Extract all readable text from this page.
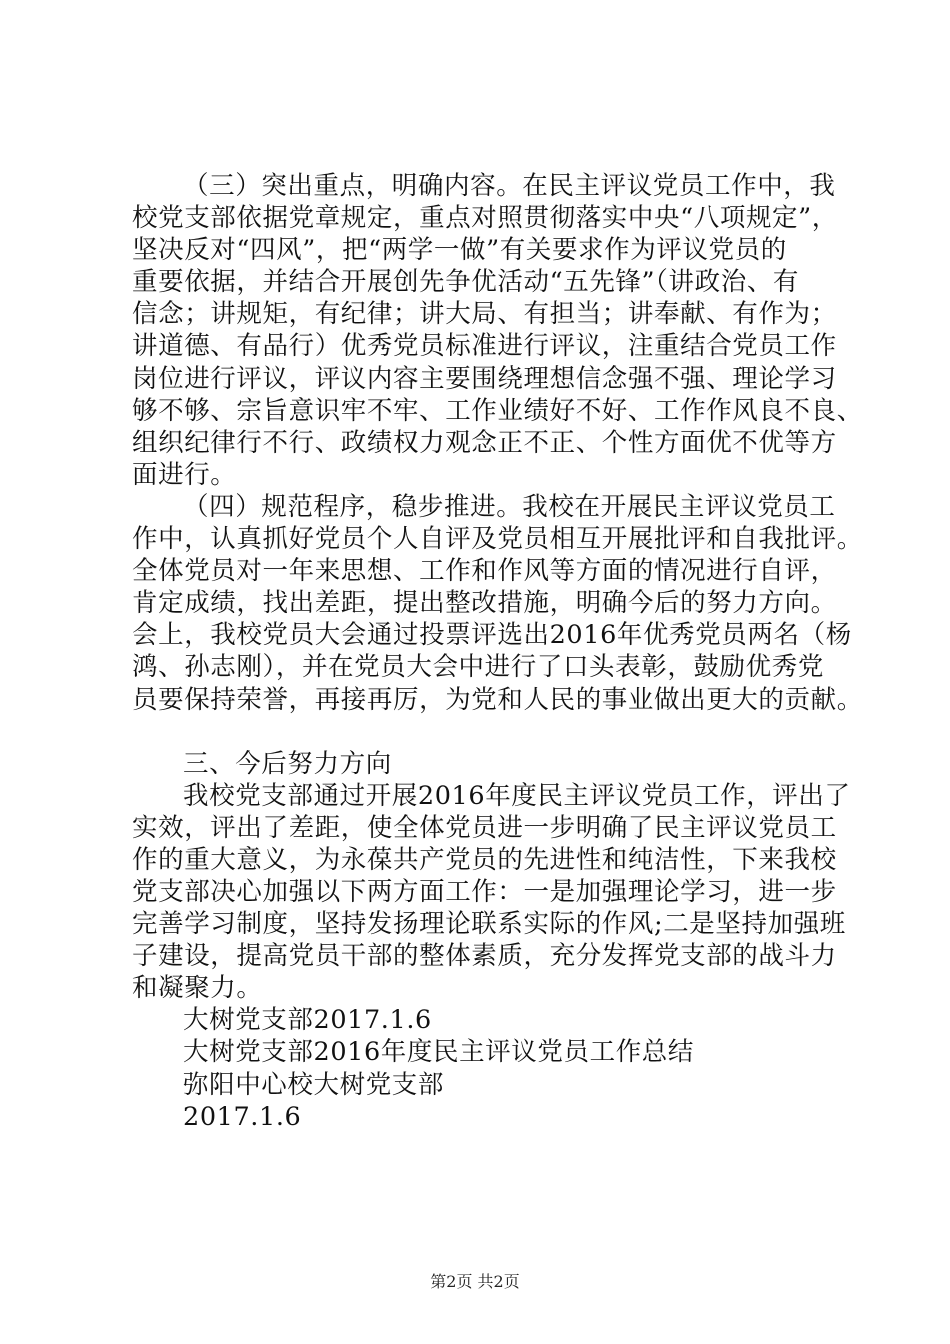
（三）突出重点，明确内容。在民主评议党员工作中，我
校党支部依据党章规定，重点对照贯彻落实中央“八项规定”，
坚决反对“四风”，把“两学一做”有关要求作为评议党员的
重要依据，并结合开展创先争优活动“五先锋”（讲政治、有
信念；讲规矩，有纪律；讲大局、有担当；讲奉献、有作为；
讲道德、有品行）优秀党员标准进行评议，注重结合党员工作
岗位进行评议，评议内容主要围绕理想信念强不强、理论学习
够不够、宗旨意识牢不牢、工作业绩好不好、工作作风良不良、
组织纪律行不行、政绩权力观念正不正、个性方面优不优等方
面进行。
（四）规范程序，稳步推进。我校在开展民主评议党员工
作中，认真抓好党员个人自评及党员相互开展批评和自我批评。
全体党员对一年来思想、工作和作风等方面的情况进行自评，
肯定成绩，找出差距，提出整改措施，明确今后的努力方向。
会上，我校党员大会通过投票评选出2016年优秀党员两名（杨
鸿、孙志刚），并在党员大会中进行了口头表彰，鼓励优秀党
员要保持荣誉，再接再厉，为党和人民的事业做出更大的贡献。
三、今后努力方向
我校党支部通过开展2016年度民主评议党员工作，评出了
实效，评出了差距，使全体党员进一步明确了民主评议党员工
作的重大意义，为永葆共产党员的先进性和纯洁性，下来我校
党支部决心加强以下两方面工作：一是加强理论学习，进一步
完善学习制度，坚持发扬理论联系实际的作风;二是坚持加强班
子建设，提高党员干部的整体素质，充分发挥党支部的战斗力
和凝聚力。
大树党支部2017.1.6
大树党支部2016年度民主评议党员工作总结
弥阳中心校大树党支部
2017.1.6
第2页 共2页
